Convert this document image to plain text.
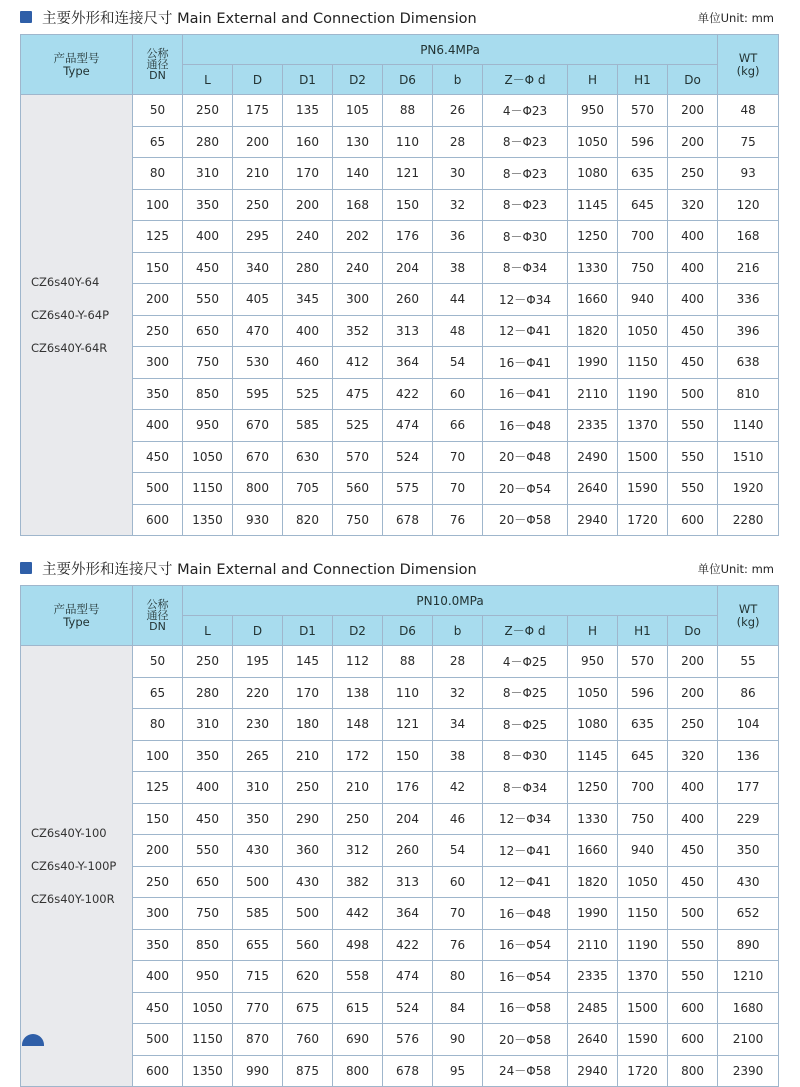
主要外形和连接尺寸 Main External and Connection Dimension	单位Unit: mm
产品型号
Type	公称
通径
DN	PN6.4MPa										WT
(kg)

		L	D	D1	D2	D6	b	Z－Φ d	H	H1	Do	

CZ6s40Y-64
CZ6s40-Y-64P
CZ6s40Y-64R	50	250	175	135	105	88	26	4－Φ23	950	570	200	48
	65	280	200	160	130	110	28	8－Φ23	1050	596	200	75
	80	310	210	170	140	121	30	8－Φ23	1080	635	250	93
	100	350	250	200	168	150	32	8－Φ23	1145	645	320	120
	125	400	295	240	202	176	36	8－Φ30	1250	700	400	168
	150	450	340	280	240	204	38	8－Φ34	1330	750	400	216
	200	550	405	345	300	260	44	12－Φ34	1660	940	400	336
	250	650	470	400	352	313	48	12－Φ41	1820	1050	450	396
	300	750	530	460	412	364	54	16－Φ41	1990	1150	450	638
	350	850	595	525	475	422	60	16－Φ41	2110	1190	500	810
	400	950	670	585	525	474	66	16－Φ48	2335	1370	550	1140
	450	1050	670	630	570	524	70	20－Φ48	2490	1500	550	1510
	500	1150	800	705	560	575	70	20－Φ54	2640	1590	550	1920
	600	1350	930	820	750	678	76	20－Φ58	2940	1720	600	2280
主要外形和连接尺寸 Main External and Connection Dimension	单位Unit: mm
产品型号
Type	公称
通径
DN	PN10.0MPa										WT
(kg)

		L	D	D1	D2	D6	b	Z－Φ d	H	H1	Do	

CZ6s40Y-100
CZ6s40-Y-100P
CZ6s40Y-100R	50	250	195	145	112	88	28	4－Φ25	950	570	200	55
	65	280	220	170	138	110	32	8－Φ25	1050	596	200	86
	80	310	230	180	148	121	34	8－Φ25	1080	635	250	104
	100	350	265	210	172	150	38	8－Φ30	1145	645	320	136
	125	400	310	250	210	176	42	8－Φ34	1250	700	400	177
	150	450	350	290	250	204	46	12－Φ34	1330	750	400	229
	200	550	430	360	312	260	54	12－Φ41	1660	940	450	350
	250	650	500	430	382	313	60	12－Φ41	1820	1050	450	430
	300	750	585	500	442	364	70	16－Φ48	1990	1150	500	652
	350	850	655	560	498	422	76	16－Φ54	2110	1190	550	890
	400	950	715	620	558	474	80	16－Φ54	2335	1370	550	1210
	450	1050	770	675	615	524	84	16－Φ58	2485	1500	600	1680
	500	1150	870	760	690	576	90	20－Φ58	2640	1590	600	2100
	600	1350	990	875	800	678	95	24－Φ58	2940	1720	800	2390
